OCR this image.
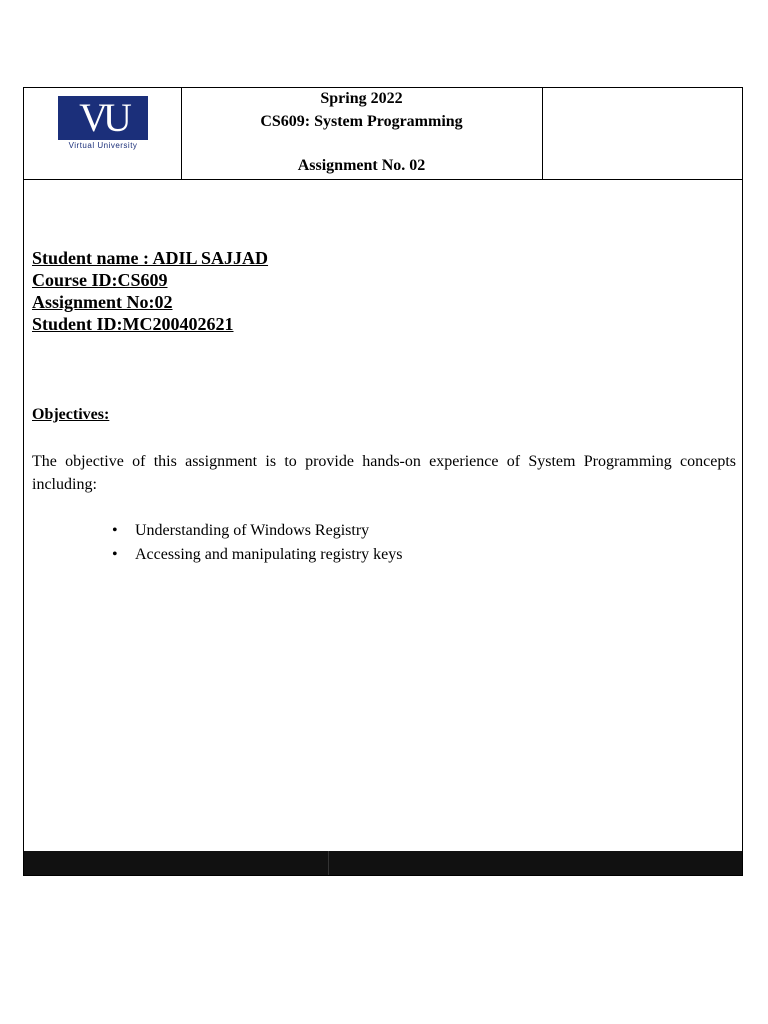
VU
Virtual University
Spring 2022
CS609: System Programming
Assignment No. 02
Student name : ADIL SAJJAD
Course ID:CS609
Assignment No:02
Student ID:MC200402621
Objectives:
The objective of this assignment is to provide hands-on experience of System Programming concepts including:
• Understanding of Windows Registry
• Accessing and manipulating registry keys
